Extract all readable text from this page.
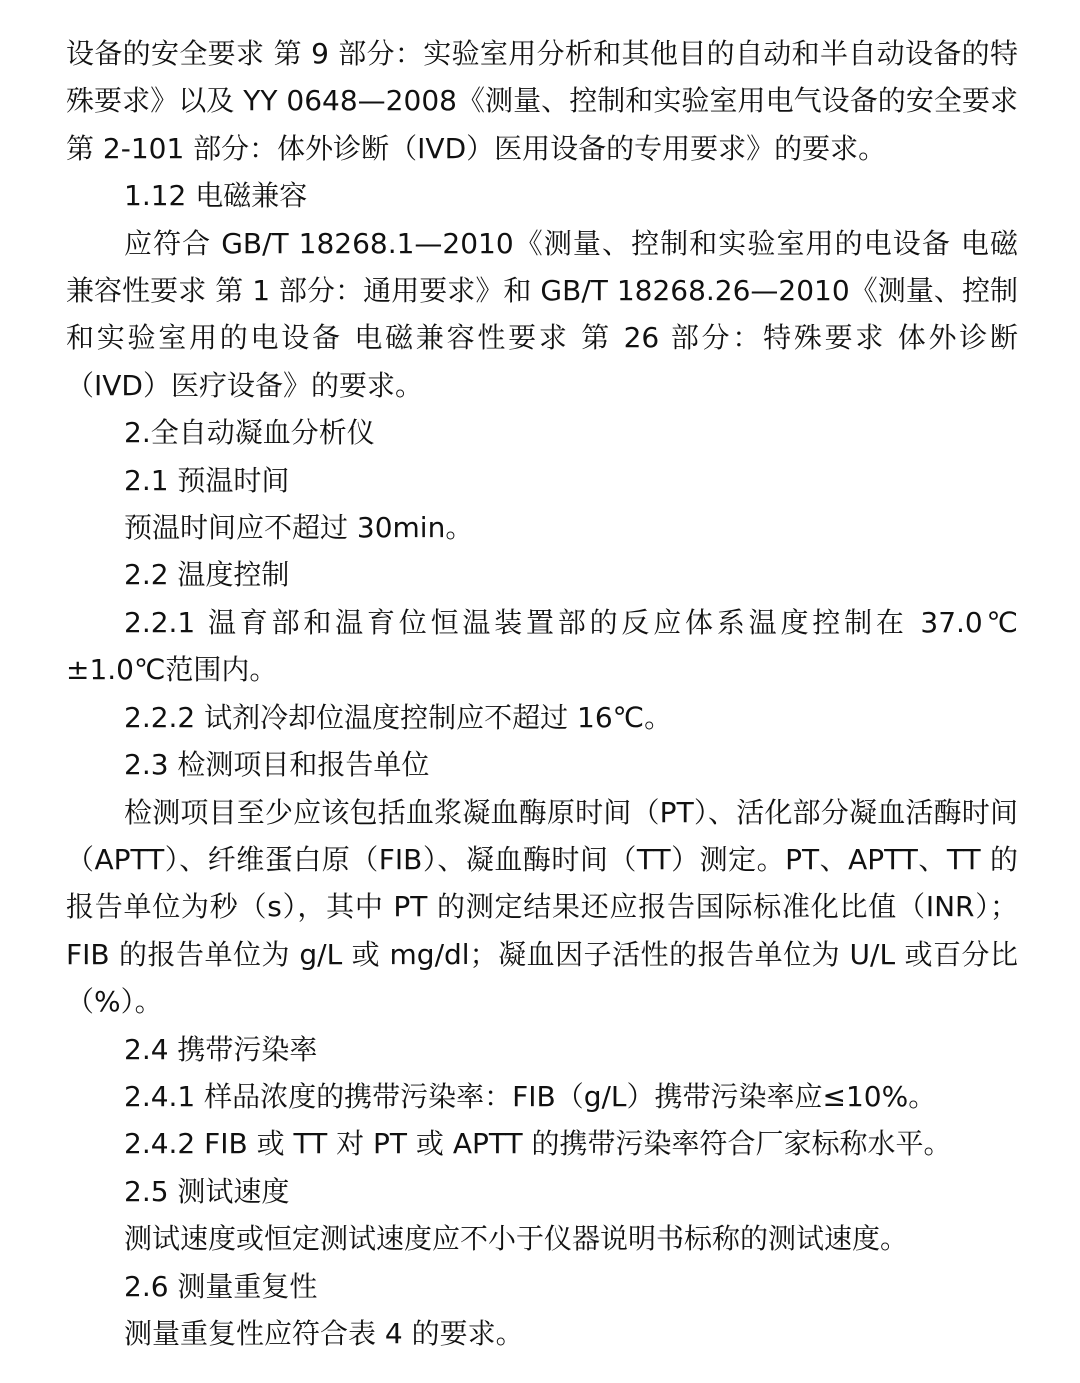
设备的安全要求 第 9 部分：实验室用分析和其他目的自动和半自动设备的特殊要求》以及 YY 0648—2008《测量、控制和实验室用电气设备的安全要求 第 2-101 部分：体外诊断（IVD）医用设备的专用要求》的要求。

1.12 电磁兼容

应符合 GB/T 18268.1—2010《测量、控制和实验室用的电设备 电磁兼容性要求 第 1 部分：通用要求》和 GB/T 18268.26—2010《测量、控制和实验室用的电设备 电磁兼容性要求 第 26 部分：特殊要求 体外诊断（IVD）医疗设备》的要求。

2.全自动凝血分析仪

2.1 预温时间

预温时间应不超过 30min。

2.2 温度控制

2.2.1 温育部和温育位恒温装置部的反应体系温度控制在 37.0℃±1.0℃范围内。

2.2.2 试剂冷却位温度控制应不超过 16℃。

2.3 检测项目和报告单位

检测项目至少应该包括血浆凝血酶原时间（PT）、活化部分凝血活酶时间（APTT）、纤维蛋白原（FIB）、凝血酶时间（TT）测定。PT、APTT、TT 的报告单位为秒（s），其中 PT 的测定结果还应报告国际标准化比值（INR）；FIB 的报告单位为 g/L 或 mg/dl；凝血因子活性的报告单位为 U/L 或百分比（%）。

2.4 携带污染率

2.4.1 样品浓度的携带污染率：FIB（g/L）携带污染率应≤10%。

2.4.2 FIB 或 TT 对 PT 或 APTT 的携带污染率符合厂家标称水平。

2.5 测试速度

测试速度或恒定测试速度应不小于仪器说明书标称的测试速度。

2.6 测量重复性

测量重复性应符合表 4 的要求。
